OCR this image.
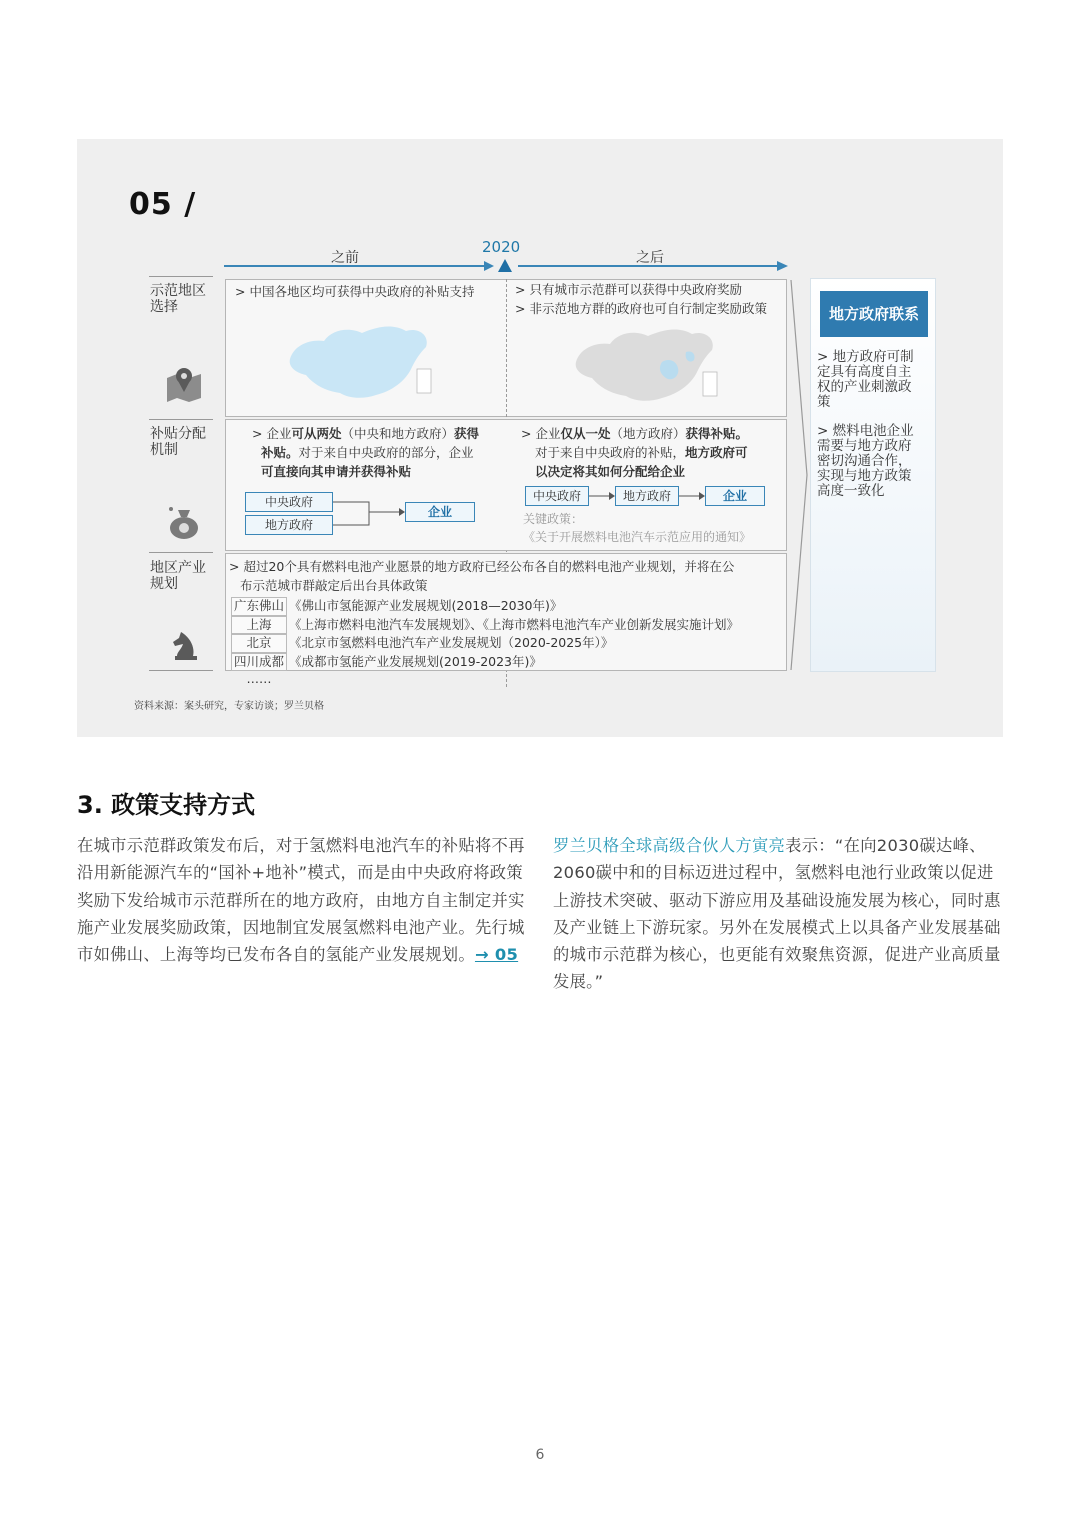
05 /
之前
2020
之后
示范地区选择
补贴分配机制
地区产业规划
> 中国各地区均可获得中央政府的补贴支持	> 只有城市示范群可以获得中央政府奖励
> 非示范地方群的政府也可自行制定奖励政策
> 企业可从两处（中央和地方政府）获得
补贴。对于来自中央政府的部分，企业
可直接向其申请并获得补贴
中央政府
地方政府
企业
> 企业仅从一处（地方政府）获得补贴。
对于来自中央政府的补贴，地方政府可
以决定将其如何分配给企业
中央政府	地方政府	企业
关键政策：
《关于开展燃料电池汽车示范应用的通知》
> 超过20个具有燃料电池产业愿景的地方政府已经公布各自的燃料电池产业规划，并将在公
布示范城市群敲定后出台具体政策
广东佛山 《佛山市氢能源产业发展规划(2018—2030年)》
上海 《上海市燃料电池汽车发展规划》、《上海市燃料电池汽车产业创新发展实施计划》
北京 《北京市氢燃料电池汽车产业发展规划（2020-2025年）》
四川成都 《成都市氢能产业发展规划(2019-2023年)》
……
地方政府联系
> 地方政府可制定具有高度自主权的产业刺激政策
> 燃料电池企业需要与地方政府密切沟通合作，实现与地方政策高度一致化
资料来源：案头研究，专家访谈；罗兰贝格
3. 政策支持方式
在城市示范群政策发布后，对于氢燃料电池汽车的补贴将不再沿用新能源汽车的“国补+地补”模式，而是由中央政府将政策奖励下发给城市示范群所在的地方政府，由地方自主制定并实施产业发展奖励政策，因地制宜发展氢燃料电池产业。先行城市如佛山、上海等均已发布各自的氢能产业发展规划。→ 05
罗兰贝格全球高级合伙人方寅亮表示：“在向2030碳达峰、2060碳中和的目标迈进过程中，氢燃料电池行业政策以促进上游技术突破、驱动下游应用及基础设施发展为核心，同时惠及产业链上下游玩家。另外在发展模式上以具备产业发展基础的城市示范群为核心，也更能有效聚焦资源，促进产业高质量发展。”
6
